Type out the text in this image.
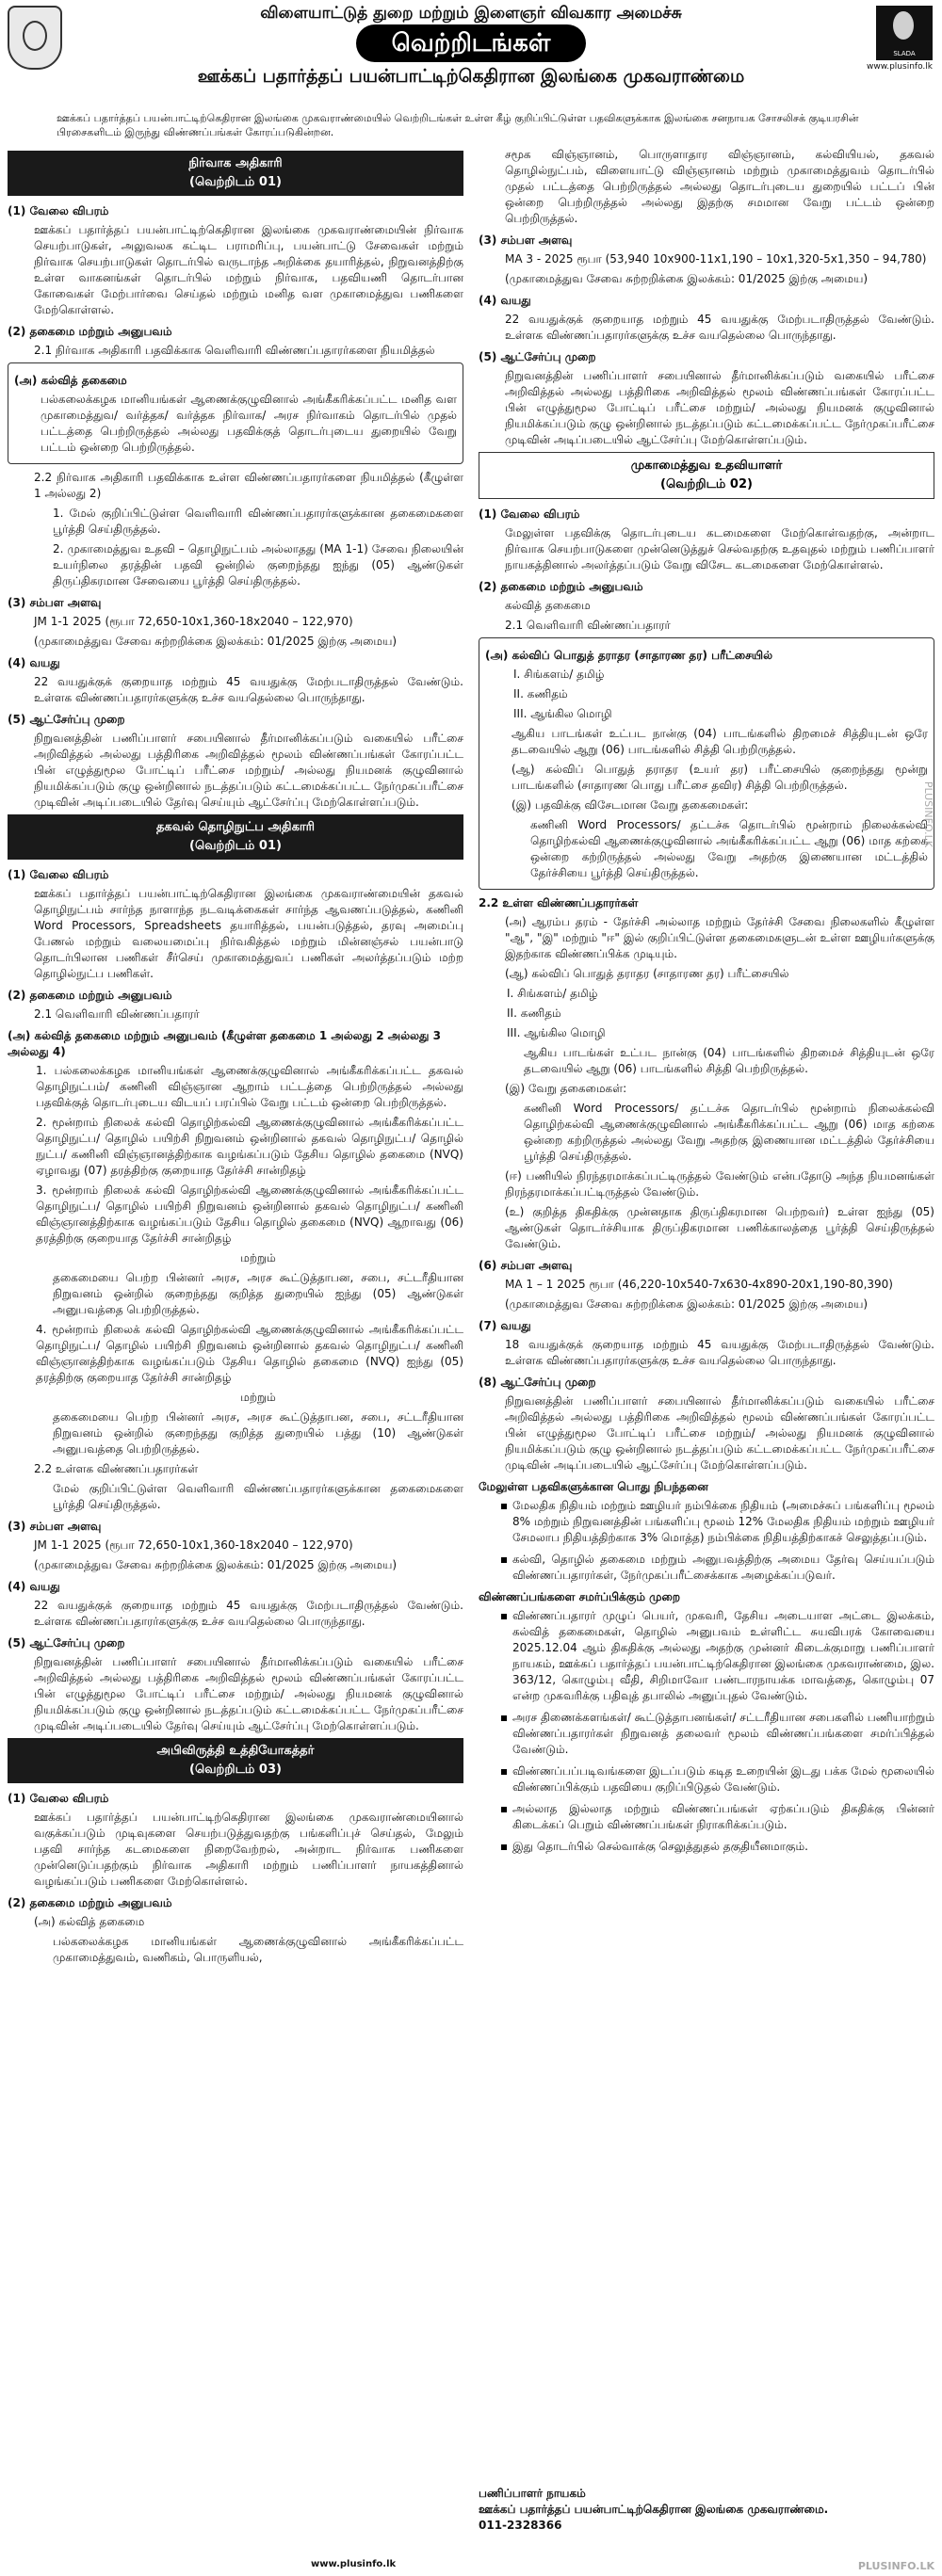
விளையாட்டுத் துறை மற்றும் இளைஞர் விவகார அமைச்சு
வெற்றிடங்கள்
ஊக்கப் பதார்த்தப் பயன்பாட்டிற்கெதிரான இலங்கை முகவராண்மை
SLADA
www.plusinfo.lk
ஊக்கப் பதார்த்தப் பயன்பாட்டிற்கெதிரான இலங்கை முகவராண்மையில் வெற்றிடங்கள் உள்ள கீழ் குறிப்பிட்டுள்ள பதவிகளுக்காக இலங்கை சனநாயக சோசலிசக் குடியரசின் பிரசைகளிடம் இருந்து விண்ணப்பங்கள் கோரப்படுகின்றன.
நிர்வாக அதிகாரி
(வெற்றிடம் 01)
(1) வேலை விபரம்
ஊக்கப் பதார்த்தப் பயன்பாட்டிற்கெதிரான இலங்கை முகவராண்மையின் நிர்வாக செயற்பாடுகள், அலுவலக கட்டிட பராமரிப்பு, பயன்பாட்டு சேவைகள் மற்றும் நிர்வாக செயற்பாடுகள் தொடர்பில் வருடாந்த அறிக்கை தயாரித்தல், நிறுவனத்திற்கு உள்ள வாகனங்கள் தொடர்பில் மற்றும் நிர்வாக, பதவியணி தொடர்பான கோவைகள் மேற்பார்வை செய்தல் மற்றும் மனித வள முகாமைத்துவ பணிகளை மேற்கொள்ளல்.
(2) தகைமை மற்றும் அனுபவம்
2.1 நிர்வாக அதிகாரி பதவிக்காக வெளிவாரி விண்ணப்பதாரர்களை நியமித்தல்
(அ) கல்வித் தகைமை
பல்கலைக்கழக மானியங்கள் ஆணைக்குழுவினால் அங்கீகரிக்கப்பட்ட மனித வள முகாமைத்துவ/ வர்த்தக/ வர்த்தக நிர்வாக/ அரச நிர்வாகம் தொடர்பில் முதல் பட்டத்தை பெற்றிருத்தல் அல்லது பதவிக்குத் தொடர்புடைய துறையில் வேறு பட்டம் ஒன்றை பெற்றிருத்தல்.
2.2 நிர்வாக அதிகாரி பதவிக்காக உள்ள விண்ணப்பதாரர்களை நியமித்தல் (கீழுள்ள 1 அல்லது 2)
1. மேல் குறிப்பிட்டுள்ள வெளிவாரி விண்ணப்பதாரர்களுக்கான தகைமைகளை பூர்த்தி செய்திருத்தல்.
2. முகாமைத்துவ உதவி – தொழிநுட்பம் அல்லாதது (MA 1-1) சேவை நிலையின் உயர்நிலை தரத்தின் பதவி ஒன்றில் குறைந்தது ஐந்து (05) ஆண்டுகள் திருப்திகரமான சேவையை பூர்த்தி செய்திருத்தல்.
(3) சம்பள அளவு
JM 1-1 2025 (ரூபா 72,650-10x1,360-18x2040 – 122,970)
(முகாமைத்துவ சேவை சுற்றறிக்கை இலக்கம்: 01/2025 இற்கு அமைய)
(4) வயது
22 வயதுக்குக் குறையாத மற்றும் 45 வயதுக்கு மேற்படாதிருத்தல் வேண்டும். உள்ளக விண்ணப்பதாரர்களுக்கு உச்ச வயதெல்லை பொருந்தாது.
(5) ஆட்சேர்ப்பு முறை
நிறுவனத்தின் பணிப்பாளர் சபையினால் தீர்மானிக்கப்படும் வகையில் பரீட்சை அறிவித்தல் அல்லது பத்திரிகை அறிவித்தல் மூலம் விண்ணப்பங்கள் கோரப்பட்ட பின் எழுத்துமூல போட்டிப் பரீட்சை மற்றும்/ அல்லது நியமனக் குழுவினால் நியமிக்கப்படும் குழு ஒன்றினால் நடத்தப்படும் கட்டமைக்கப்பட்ட நேர்முகப்பரீட்சை முடிவின் அடிப்படையில் தேர்வு செய்யும் ஆட்சேர்ப்பு மேற்கொள்ளப்படும்.
தகவல் தொழிநுட்ப அதிகாரி
(வெற்றிடம் 01)
(1) வேலை விபரம்
ஊக்கப் பதார்த்தப் பயன்பாட்டிற்கெதிரான இலங்கை முகவராண்மையின் தகவல் தொழிநுட்பம் சார்ந்த நாளாந்த நடவடிக்கைகள் சார்ந்த ஆவணப்படுத்தல், கணினி Word Processors, Spreadsheets தயாரித்தல், பயன்படுத்தல், தரவு அமைப்பு பேணல் மற்றும் வலையமைப்பு நிர்வகித்தல் மற்றும் மின்னஞ்சல் பயன்பாடு தொடர்பிலான பணிகள் சீர்செய் முகாமைத்துவப் பணிகள் அலர்த்தப்படும் மற்ற தொழில்நுட்ப பணிகள்.
(2) தகைமை மற்றும் அனுபவம்
2.1 வெளிவாரி விண்ணப்பதாரர்
(அ) கல்வித் தகைமை மற்றும் அனுபவம் (கீழுள்ள தகைமை 1 அல்லது 2 அல்லது 3 அல்லது 4)
1. பல்கலைக்கழக மானியங்கள் ஆணைக்குழுவினால் அங்கீகரிக்கப்பட்ட தகவல் தொழிநுட்பம்/ கணினி விஞ்ஞான ஆறாம் பட்டத்தை பெற்றிருத்தல் அல்லது பதவிக்குத் தொடர்புடைய விடயப் பரப்பில் வேறு பட்டம் ஒன்றை பெற்றிருத்தல்.
2. மூன்றாம் நிலைக் கல்வி தொழிற்கல்வி ஆணைக்குழுவினால் அங்கீகரிக்கப்பட்ட தொழிநுட்ப/ தொழில் பயிற்சி நிறுவனம் ஒன்றினால் தகவல் தொழிநுட்ப/ தொழில் நுட்ப/ கணினி விஞ்ஞானத்திற்காக வழங்கப்படும் தேசிய தொழில் தகைமை (NVQ) ஏழாவது (07) தரத்திற்கு குறையாத தேர்ச்சி சான்றிதழ்
3. மூன்றாம் நிலைக் கல்வி தொழிற்கல்வி ஆணைக்குழுவினால் அங்கீகரிக்கப்பட்ட தொழிநுட்ப/ தொழில் பயிற்சி நிறுவனம் ஒன்றினால் தகவல் தொழிநுட்ப/ கணினி விஞ்ஞானத்திற்காக வழங்கப்படும் தேசிய தொழில் தகைமை (NVQ) ஆறாவது (06) தரத்திற்கு குறையாத தேர்ச்சி சான்றிதழ்
மற்றும்
தகைமையை பெற்ற பின்னர் அரச, அரச கூட்டுத்தாபன, சபை, சட்டரீதியான நிறுவனம் ஒன்றில் குறைந்தது குறித்த துறையில் ஐந்து (05) ஆண்டுகள் அனுபவத்தை பெற்றிருத்தல்.
4. மூன்றாம் நிலைக் கல்வி தொழிற்கல்வி ஆணைக்குழுவினால் அங்கீகரிக்கப்பட்ட தொழிநுட்ப/ தொழில் பயிற்சி நிறுவனம் ஒன்றினால் தகவல் தொழிநுட்ப/ கணினி விஞ்ஞானத்திற்காக வழங்கப்படும் தேசிய தொழில் தகைமை (NVQ) ஐந்து (05) தரத்திற்கு குறையாத தேர்ச்சி சான்றிதழ்
மற்றும்
தகைமையை பெற்ற பின்னர் அரச, அரச கூட்டுத்தாபன, சபை, சட்டரீதியான நிறுவனம் ஒன்றில் குறைந்தது குறித்த துறையில் பத்து (10) ஆண்டுகள் அனுபவத்தை பெற்றிருத்தல்.
2.2 உள்ளக விண்ணப்பதாரர்கள்
மேல் குறிப்பிட்டுள்ள வெளிவாரி விண்ணப்பதாரர்களுக்கான தகைமைகளை பூர்த்தி செய்திருத்தல்.
(3) சம்பள அளவு
JM 1-1 2025 (ரூபா 72,650-10x1,360-18x2040 – 122,970)
(முகாமைத்துவ சேவை சுற்றறிக்கை இலக்கம்: 01/2025 இற்கு அமைய)
(4) வயது
22 வயதுக்குக் குறையாத மற்றும் 45 வயதுக்கு மேற்படாதிருத்தல் வேண்டும். உள்ளக விண்ணப்பதாரர்களுக்கு உச்ச வயதெல்லை பொருந்தாது.
(5) ஆட்சேர்ப்பு முறை
நிறுவனத்தின் பணிப்பாளர் சபையினால் தீர்மானிக்கப்படும் வகையில் பரீட்சை அறிவித்தல் அல்லது பத்திரிகை அறிவித்தல் மூலம் விண்ணப்பங்கள் கோரப்பட்ட பின் எழுத்துமூல போட்டிப் பரீட்சை மற்றும்/ அல்லது நியமனக் குழுவினால் நியமிக்கப்படும் குழு ஒன்றினால் நடத்தப்படும் கட்டமைக்கப்பட்ட நேர்முகப்பரீட்சை முடிவின் அடிப்படையில் தேர்வு செய்யும் ஆட்சேர்ப்பு மேற்கொள்ளப்படும்.
அபிவிருத்தி உத்தியோகத்தர்
(வெற்றிடம் 03)
(1) வேலை விபரம்
ஊக்கப் பதார்த்தப் பயன்பாட்டிற்கெதிரான இலங்கை முகவராண்மையினால் வகுக்கப்படும் முடிவுகளை செயற்படுத்துவதற்கு பங்களிப்புச் செய்தல், மேலும் பதவி சார்ந்த கடமைகளை நிறைவேற்றல், அன்றாட நிர்வாக பணிகளை முன்னெடுப்பதற்கும் நிர்வாக அதிகாரி மற்றும் பணிப்பாளர் நாயகத்தினால் வழங்கப்படும் பணிகளை மேற்கொள்ளல்.
(2) தகைமை மற்றும் அனுபவம்
(அ) கல்வித் தகைமை
பல்கலைக்கழக மானியங்கள் ஆணைக்குழுவினால் அங்கீகரிக்கப்பட்ட முகாமைத்துவம், வணிகம், பொருளியல்,
சமூக விஞ்ஞானம், பொருளாதார விஞ்ஞானம், கல்வியியல், தகவல் தொழில்நுட்பம், விளையாட்டு விஞ்ஞானம் மற்றும் முகாமைத்துவம் தொடர்பில் முதல் பட்டத்தை பெற்றிருத்தல் அல்லது தொடர்புடைய துறையில் பட்டப் பின் ஒன்றை பெற்றிருத்தல் அல்லது இதற்கு சமமான வேறு பட்டம் ஒன்றை பெற்றிருத்தல்.
(3) சம்பள அளவு
MA 3 - 2025 ரூபா (53,940 10x900-11x1,190 – 10x1,320-5x1,350 – 94,780)
(முகாமைத்துவ சேவை சுற்றறிக்கை இலக்கம்: 01/2025 இற்கு அமைய)
(4) வயது
22 வயதுக்குக் குறையாத மற்றும் 45 வயதுக்கு மேற்படாதிருத்தல் வேண்டும். உள்ளக விண்ணப்பதாரர்களுக்கு உச்ச வயதெல்லை பொருந்தாது.
(5) ஆட்சேர்ப்பு முறை
நிறுவனத்தின் பணிப்பாளர் சபையினால் தீர்மானிக்கப்படும் வகையில் பரீட்சை அறிவித்தல் அல்லது பத்திரிகை அறிவித்தல் மூலம் விண்ணப்பங்கள் கோரப்பட்ட பின் எழுத்துமூல போட்டிப் பரீட்சை மற்றும்/ அல்லது நியமனக் குழுவினால் நியமிக்கப்படும் குழு ஒன்றினால் நடத்தப்படும் கட்டமைக்கப்பட்ட நேர்முகப்பரீட்சை முடிவின் அடிப்படையில் ஆட்சேர்ப்பு மேற்கொள்ளப்படும்.
முகாமைத்துவ உதவியாளர்
(வெற்றிடம் 02)
(1) வேலை விபரம்
மேலுள்ள பதவிக்கு தொடர்புடைய கடமைகளை மேற்கொள்வதற்கு, அன்றாட நிர்வாக செயற்பாடுகளை முன்னெடுத்துச் செல்வதற்கு உதவுதல் மற்றும் பணிப்பாளர் நாயகத்தினால் அலர்த்தப்படும் வேறு விசேட கடமைகளை மேற்கொள்ளல்.
(2) தகைமை மற்றும் அனுபவம்
கல்வித் தகைமை
2.1 வெளிவாரி விண்ணப்பதாரர்
(அ) கல்விப் பொதுத் தராதர (சாதாரண தர) பரீட்சையில்
I. சிங்களம்/ தமிழ்
II. கணிதம்
III. ஆங்கில மொழி
ஆகிய பாடங்கள் உட்பட நான்கு (04) பாடங்களில் திறமைச் சித்தியுடன் ஒரே தடவையில் ஆறு (06) பாடங்களில் சித்தி பெற்றிருத்தல்.
(ஆ) கல்விப் பொதுத் தராதர (உயர் தர) பரீட்சையில் குறைந்தது மூன்று பாடங்களில் (சாதாரண பொது பரீட்சை தவிர) சித்தி பெற்றிருத்தல்.
(இ) பதவிக்கு விசேடமான வேறு தகைமைகள்:
கணினி Word Processors/ தட்டச்சு தொடர்பில் மூன்றாம் நிலைக்கல்வி தொழிற்கல்வி ஆணைக்குழுவினால் அங்கீகரிக்கப்பட்ட ஆறு (06) மாத கற்கை ஒன்றை கற்றிருத்தல் அல்லது வேறு அதற்கு இணையான மட்டத்தில் தேர்ச்சியை பூர்த்தி செய்திருத்தல்.
2.2 உள்ள விண்ணப்பதாரர்கள்
(அ) ஆரம்ப தரம் - தேர்ச்சி அல்லாத மற்றும் தேர்ச்சி சேவை நிலைகளில் கீழுள்ள "ஆ", "இ" மற்றும் "ஈ" இல் குறிப்பிட்டுள்ள தகைமைகளுடன் உள்ள ஊழியர்களுக்கு இதற்காக விண்ணப்பிக்க முடியும்.
(ஆ) கல்விப் பொதுத் தராதர (சாதாரண தர) பரீட்சையில்
I. சிங்களம்/ தமிழ்
II. கணிதம்
III. ஆங்கில மொழி
ஆகிய பாடங்கள் உட்பட நான்கு (04) பாடங்களில் திறமைச் சித்தியுடன் ஒரே தடவையில் ஆறு (06) பாடங்களில் சித்தி பெற்றிருத்தல்.
(இ) வேறு தகைமைகள்:
கணினி Word Processors/ தட்டச்சு தொடர்பில் மூன்றாம் நிலைக்கல்வி தொழிற்கல்வி ஆணைக்குழுவினால் அங்கீகரிக்கப்பட்ட ஆறு (06) மாத கற்கை ஒன்றை கற்றிருத்தல் அல்லது வேறு அதற்கு இணையான மட்டத்தில் தேர்ச்சியை பூர்த்தி செய்திருத்தல்.
(ஈ) பணியில் நிரந்தரமாக்கப்பட்டிருத்தல் வேண்டும் என்பதோடு அந்த நியமனங்கள் நிரந்தரமாக்கப்பட்டிருத்தல் வேண்டும்.
(உ) குறித்த திகதிக்கு முன்னதாக திருப்திகரமான பெற்றவர்) உள்ள ஐந்து (05) ஆண்டுகள் தொடர்ச்சியாக திருப்திகரமான பணிக்காலத்தை பூர்த்தி செய்திருத்தல் வேண்டும்.
(6) சம்பள அளவு
MA 1 – 1 2025 ரூபா (46,220-10x540-7x630-4x890-20x1,190-80,390)
(முகாமைத்துவ சேவை சுற்றறிக்கை இலக்கம்: 01/2025 இற்கு அமைய)
(7) வயது
18 வயதுக்குக் குறையாத மற்றும் 45 வயதுக்கு மேற்படாதிருத்தல் வேண்டும். உள்ளக விண்ணப்பதாரர்களுக்கு உச்ச வயதெல்லை பொருந்தாது.
(8) ஆட்சேர்ப்பு முறை
நிறுவனத்தின் பணிப்பாளர் சபையினால் தீர்மானிக்கப்படும் வகையில் பரீட்சை அறிவித்தல் அல்லது பத்திரிகை அறிவித்தல் மூலம் விண்ணப்பங்கள் கோரப்பட்ட பின் எழுத்துமூல போட்டிப் பரீட்சை மற்றும்/ அல்லது நியமனக் குழுவினால் நியமிக்கப்படும் குழு ஒன்றினால் நடத்தப்படும் கட்டமைக்கப்பட்ட நேர்முகப்பரீட்சை முடிவின் அடிப்படையில் ஆட்சேர்ப்பு மேற்கொள்ளப்படும்.
மேலுள்ள பதவிகளுக்கான பொது நிபந்தனை
மேலதிக நிதியம் மற்றும் ஊழியர் நம்பிக்கை நிதியம் (அமைச்சுப் பங்களிப்பு மூலம் 8% மற்றும் நிறுவனத்தின் பங்களிப்பு மூலம் 12% மேலதிக நிதியம் மற்றும் ஊழியர் சேமலாப நிதியத்திற்காக 3% மொத்த) நம்பிக்கை நிதியத்திற்காகச் செலுத்தப்படும்.
கல்வி, தொழில் தகைமை மற்றும் அனுபவத்திற்கு அமைய தேர்வு செய்யப்படும் விண்ணப்பதாரர்கள், நேர்முகப்பரீட்சைக்காக அழைக்கப்படுவர்.
விண்ணப்பங்களை சமர்ப்பிக்கும் முறை
விண்ணப்பதாரர் முழுப் பெயர், முகவரி, தேசிய அடையாள அட்டை இலக்கம், கல்வித் தகைமைகள், தொழில் அனுபவம் உள்ளிட்ட சுயவிபரக் கோவையை 2025.12.04 ஆம் திகதிக்கு அல்லது அதற்கு முன்னர் கிடைக்குமாறு பணிப்பாளர் நாயகம், ஊக்கப் பதார்த்தப் பயன்பாட்டிற்கெதிரான இலங்கை முகவராண்மை, இல. 363/12, கொழும்பு வீதி, சிறிமாவோ பண்டாரநாயக்க மாவத்தை, கொழும்பு 07 என்ற முகவரிக்கு பதிவுத் தபாலில் அனுப்புதல் வேண்டும்.
அரச திணைக்களங்கள்/ கூட்டுத்தாபனங்கள்/ சட்டரீதியான சபைகளில் பணியாற்றும் விண்ணப்பதாரர்கள் நிறுவனத் தலைவர் மூலம் விண்ணப்பங்களை சமர்ப்பித்தல் வேண்டும்.
விண்ணப்பப்படிவங்களை இடப்படும் கடித உறையின் இடது பக்க மேல் மூலையில் விண்ணப்பிக்கும் பதவியை குறிப்பிடுதல் வேண்டும்.
அல்லாத இல்லாத மற்றும் விண்ணப்பங்கள் ஏற்கப்படும் திகதிக்கு பின்னர் கிடைக்கப் பெறும் விண்ணப்பங்கள் நிராகரிக்கப்படும்.
இது தொடர்பில் செல்வாக்கு செலுத்துதல் தகுதியீனமாகும்.
பணிப்பாளர் நாயகம்
ஊக்கப் பதார்த்தப் பயன்பாட்டிற்கெதிரான இலங்கை முகவராண்மை.
011-2328366
www.plusinfo.lk
PLUSINFO.LK
PLUSINFO.LK
